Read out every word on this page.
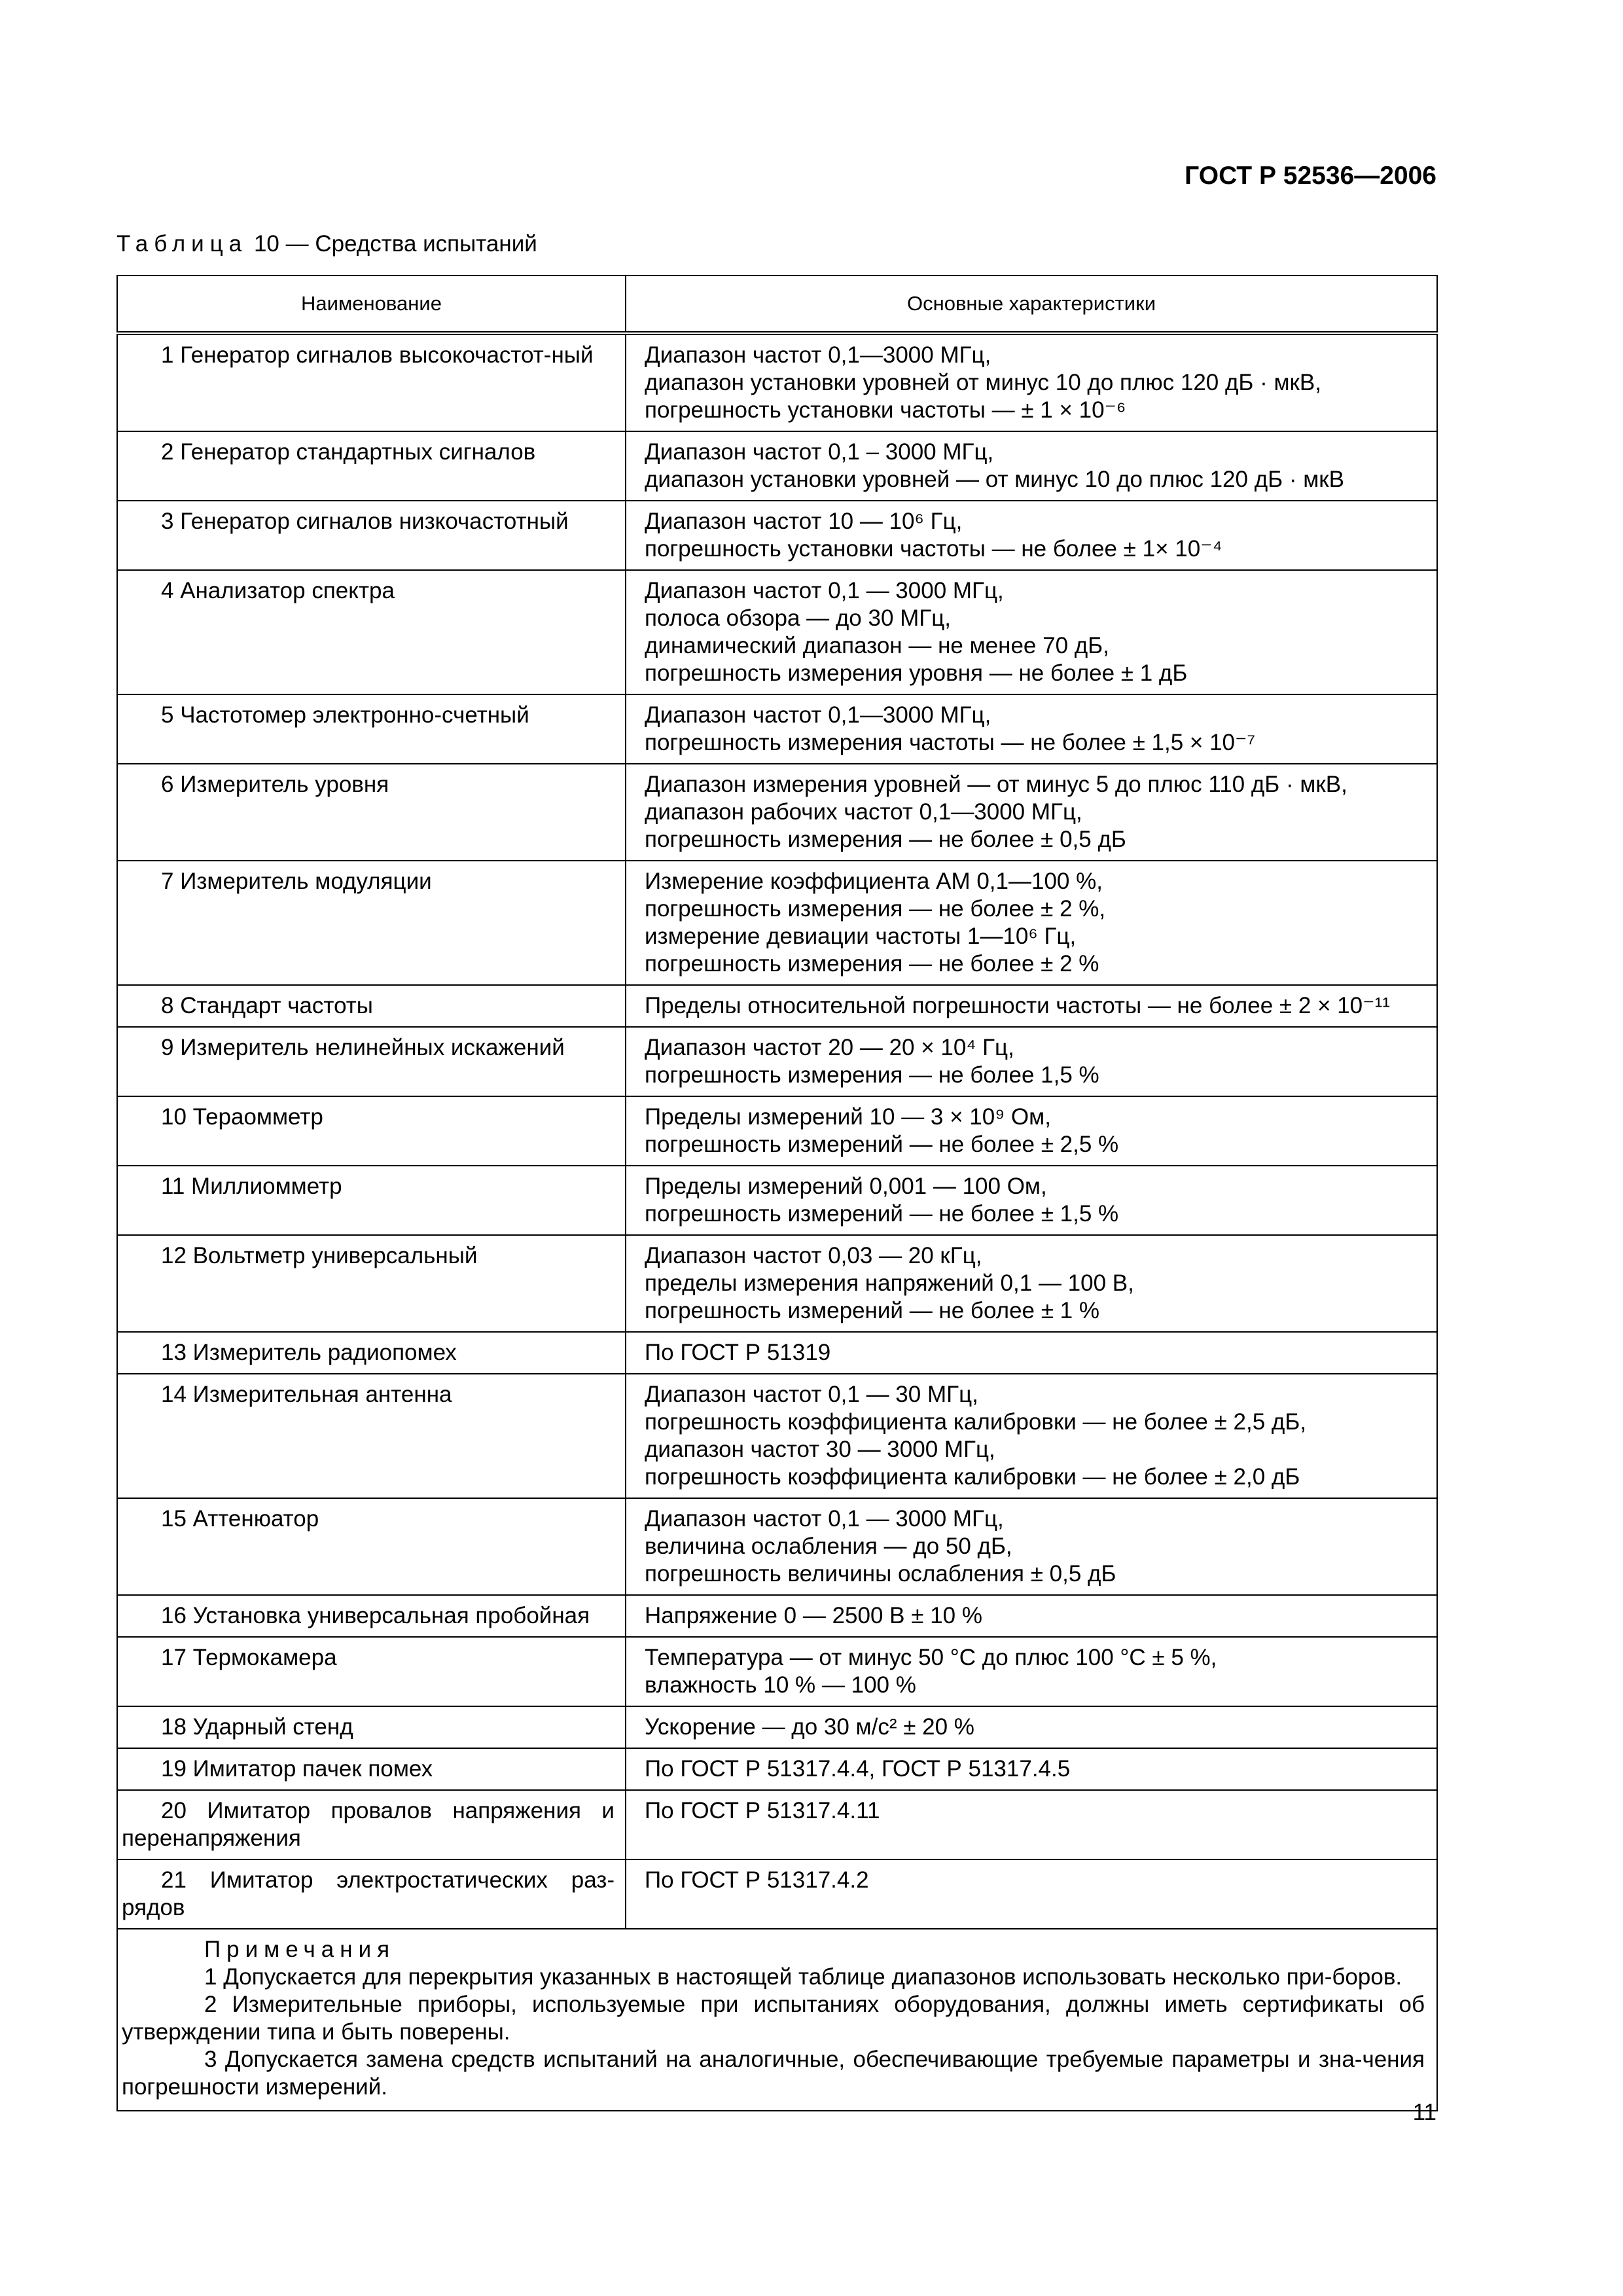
ГОСТ Р 52536—2006
Таблица 10 — Средства испытаний
Наименование	Основные характеристики

1 Генератор сигналов высокочастот-ный	Диапазон частот 0,1—3000 МГц,
диапазон установки уровней от минус 10 до плюс 120 дБ · мкВ,
погрешность установки частоты — ± 1 × 10⁻⁶

2 Генератор стандартных сигналов	Диапазон частот 0,1 – 3000 МГц,
диапазон установки уровней — от минус 10 до плюс 120 дБ · мкВ

3 Генератор сигналов низкочастотный	Диапазон частот 10 — 10⁶ Гц,
погрешность установки частоты — не более ± 1× 10⁻⁴

4 Анализатор спектра	Диапазон частот 0,1 — 3000 МГц,
полоса обзора — до 30 МГц,
динамический диапазон — не менее 70 дБ,
погрешность измерения уровня — не более ± 1 дБ

5 Частотомер электронно-счетный	Диапазон частот 0,1—3000 МГц,
погрешность измерения частоты — не более ± 1,5 × 10⁻⁷

6 Измеритель уровня	Диапазон измерения уровней — от минус 5 до плюс 110 дБ · мкВ,
диапазон рабочих частот 0,1—3000 МГц,
погрешность измерения — не более ± 0,5 дБ

7 Измеритель модуляции	Измерение коэффициента АМ 0,1—100 %,
погрешность измерения — не более ± 2 %,
измерение девиации частоты 1—10⁶ Гц,
погрешность измерения — не более ± 2 %

8 Стандарт частоты	Пределы относительной погрешности частоты — не более ± 2 × 10⁻¹¹

9 Измеритель нелинейных искажений	Диапазон частот 20 — 20 × 10⁴ Гц,
погрешность измерения — не более 1,5 %

10 Тераомметр	Пределы измерений 10 — 3 × 10⁹ Ом,
погрешность измерений — не более ± 2,5 %

11 Миллиомметр	Пределы измерений 0,001 — 100 Ом,
погрешность измерений — не более ± 1,5 %

12 Вольтметр универсальный	Диапазон частот 0,03 — 20 кГц,
пределы измерения напряжений 0,1 — 100 В,
погрешность измерений — не более ± 1 %

13 Измеритель радиопомех	По ГОСТ Р 51319

14 Измерительная антенна	Диапазон частот 0,1 — 30 МГц,
погрешность коэффициента калибровки — не более ± 2,5 дБ,
диапазон частот 30 — 3000 МГц,
погрешность коэффициента калибровки — не более ± 2,0 дБ

15 Аттенюатор	Диапазон частот 0,1 — 3000 МГц,
величина ослабления — до 50 дБ,
погрешность величины ослабления ± 0,5 дБ

16 Установка универсальная пробойная	Напряжение 0 — 2500 В ± 10 %

17 Термокамера	Температура — от минус 50 °С до плюс 100 °С ± 5 %,
влажность 10 % — 100 %

18 Ударный стенд	Ускорение — до 30 м/с² ± 20 %

19 Имитатор пачек помех	По ГОСТ Р 51317.4.4, ГОСТ Р 51317.4.5

20 Имитатор провалов напряжения и перенапряжения	По ГОСТ Р 51317.4.11

21 Имитатор электростатических раз-рядов	По ГОСТ Р 51317.4.2

Примечания
1 Допускается для перекрытия указанных в настоящей таблице диапазонов использовать несколько при-боров.
2 Измерительные приборы, используемые при испытаниях оборудования, должны иметь сертификаты об утверждении типа и быть поверены.
3 Допускается замена средств испытаний на аналогичные, обеспечивающие требуемые параметры и зна-чения погрешности измерений.	
11
